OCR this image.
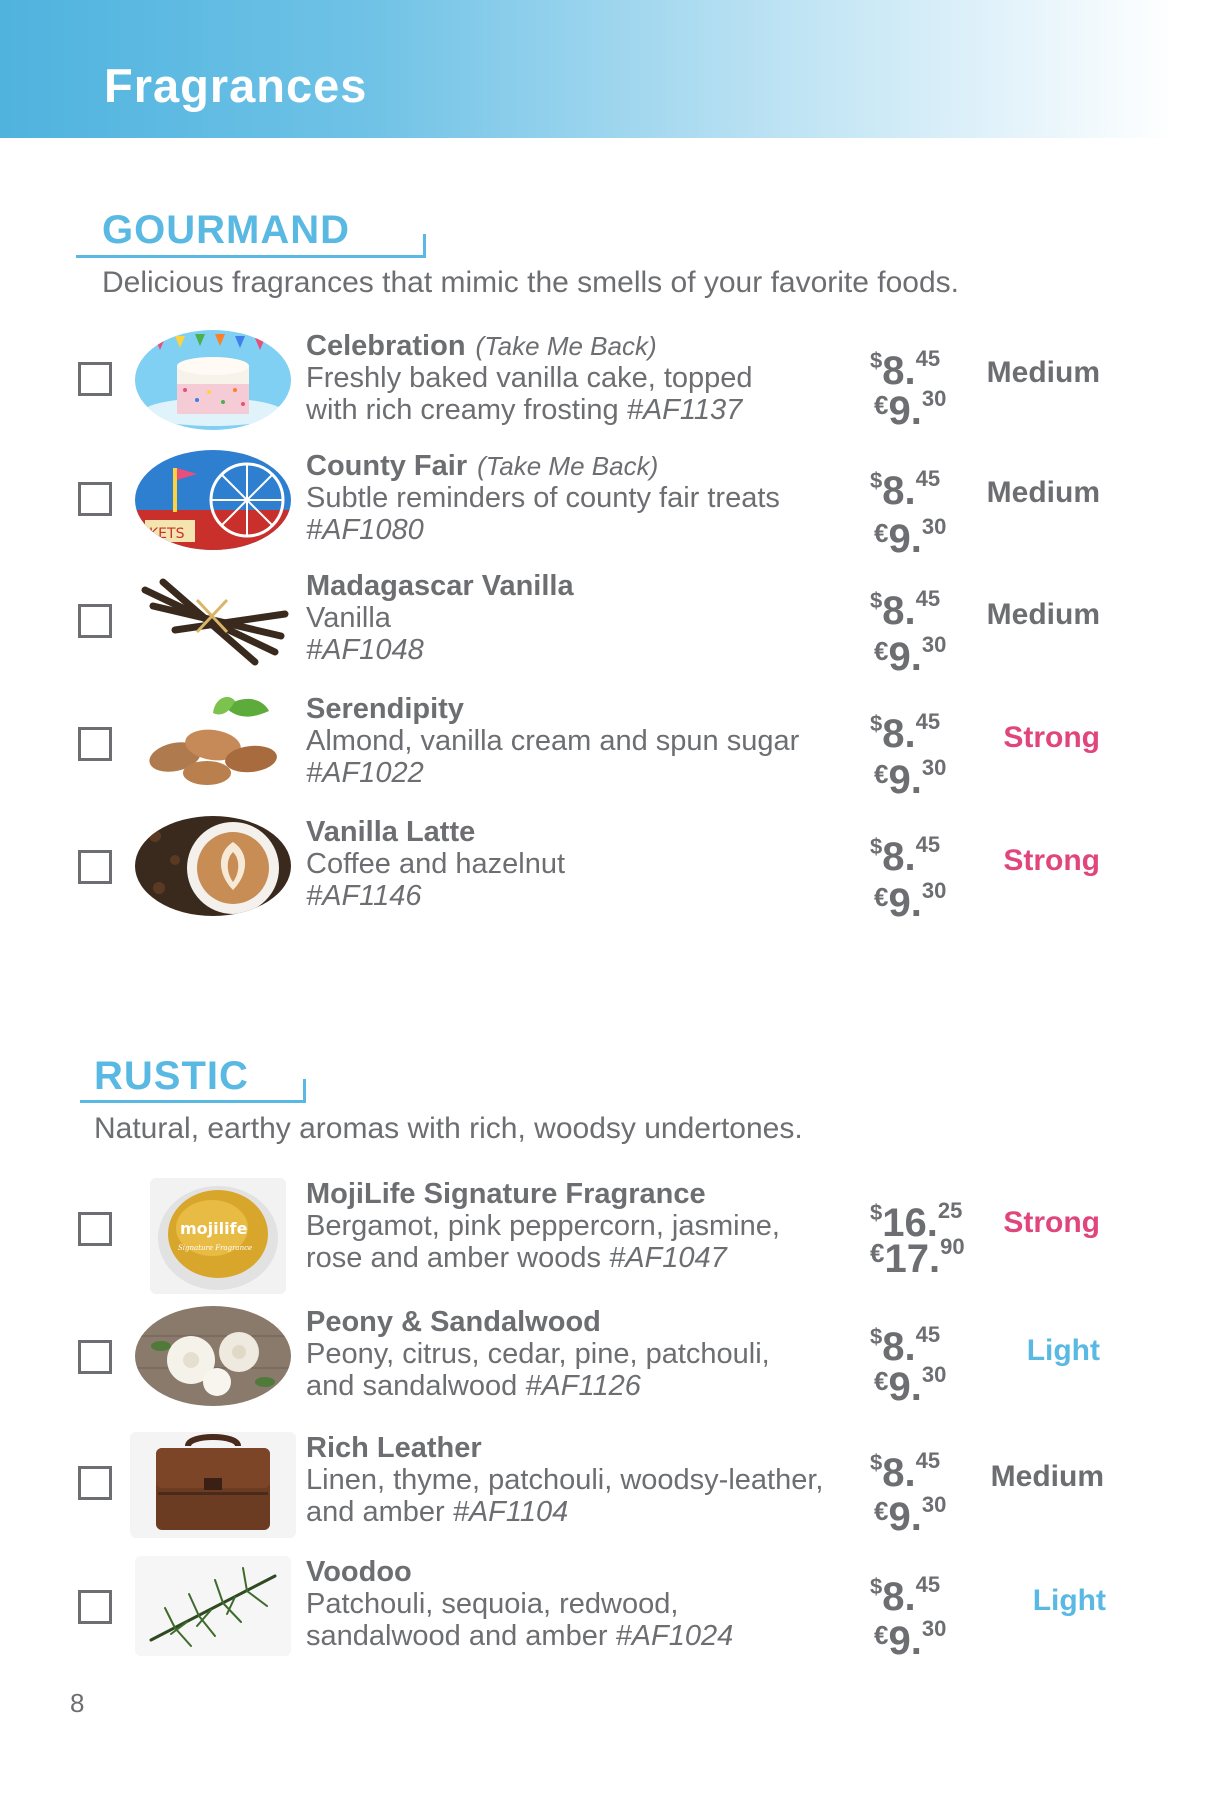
Fragrances
GOURMAND
Delicious fragrances that mimic the smells of your favorite foods.
Celebration (Take Me Back)
Freshly baked vanilla cake, topped
with rich creamy frosting #AF1137
$8.45
€9.30
Medium
KETS
County Fair (Take Me Back)
Subtle reminders of county fair treats
#AF1080
$8.45
€9.30
Medium
Madagascar Vanilla
Vanilla
#AF1048
$8.45
€9.30
Medium
Serendipity
Almond, vanilla cream and spun sugar
#AF1022
$8.45
€9.30
Strong
Vanilla Latte
Coffee and hazelnut
#AF1146
$8.45
€9.30
Strong
RUSTIC
Natural, earthy aromas with rich, woodsy undertones.
mojilife
Signature Fragrance
MojiLife Signature Fragrance
Bergamot, pink peppercorn, jasmine,
rose and amber woods #AF1047
$16.25
€17.90
Strong
Peony & Sandalwood
Peony, citrus, cedar, pine, patchouli,
and sandalwood #AF1126
$8.45
€9.30
Light
Rich Leather
Linen, thyme, patchouli, woodsy-leather,
and amber #AF1104
$8.45
€9.30
Medium
Voodoo
Patchouli, sequoia, redwood,
sandalwood and amber #AF1024
$8.45
€9.30
Light
8
